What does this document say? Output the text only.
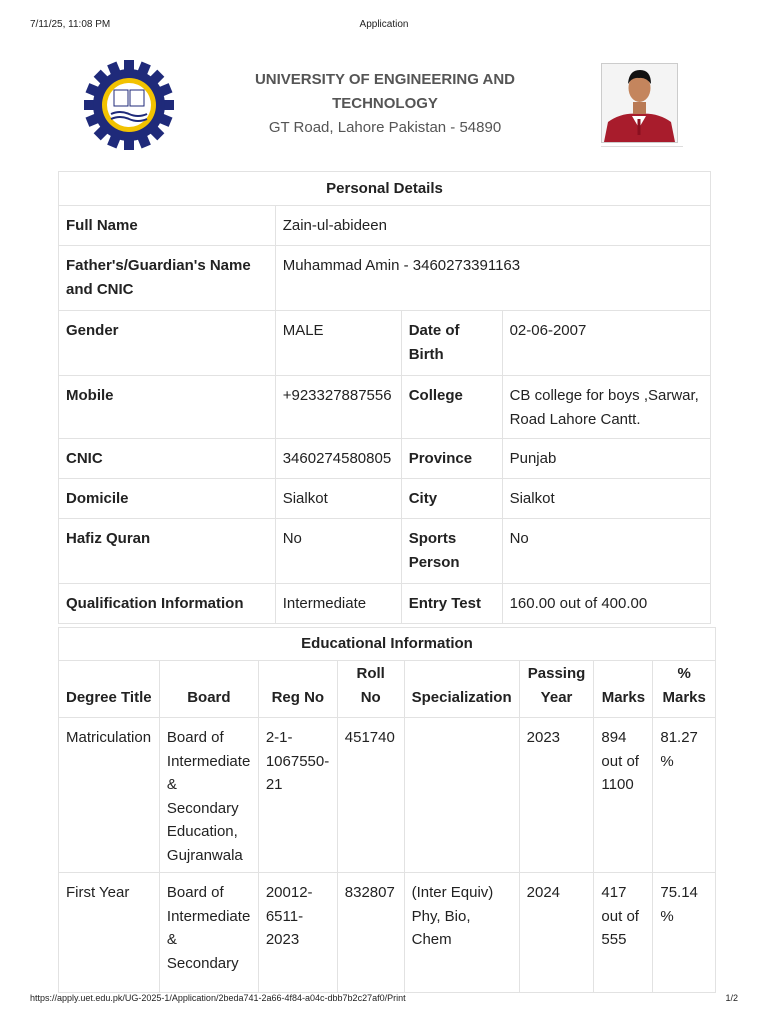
7/11/25, 11:08 PM	Application
UNIVERSITY OF ENGINEERING AND TECHNOLOGY
GT Road, Lahore Pakistan - 54890
Personal Details			
Full Name	Zain-ul-abideen		
Father's/Guardian's Name and CNIC	Muhammad Amin - 3460273391163		
Gender	MALE	Date of Birth	02-06-2007
Mobile	+923327887556	College	CB college for boys ,Sarwar, Road Lahore Cantt.
CNIC	3460274580805	Province	Punjab
Domicile	Sialkot	City	Sialkot
Hafiz Quran	No	Sports Person	No
Qualification Information	Intermediate	Entry Test	160.00 out of 400.00
Educational Information							
Degree Title	Board	Reg No	Roll No	Specialization	Passing Year	Marks	% Marks
Matriculation	Board of Intermediate & Secondary Education, Gujranwala	2-1-1067550-21	451740		2023	894 out of 1100	81.27 %
First Year	Board of Intermediate & Secondary	20012-6511-2023	832807	(Inter Equiv) Phy, Bio, Chem	2024	417 out of 555	75.14 %
https://apply.uet.edu.pk/UG-2025-1/Application/2beda741-2a66-4f84-a04c-dbb7b2c27af0/Print	1/2
